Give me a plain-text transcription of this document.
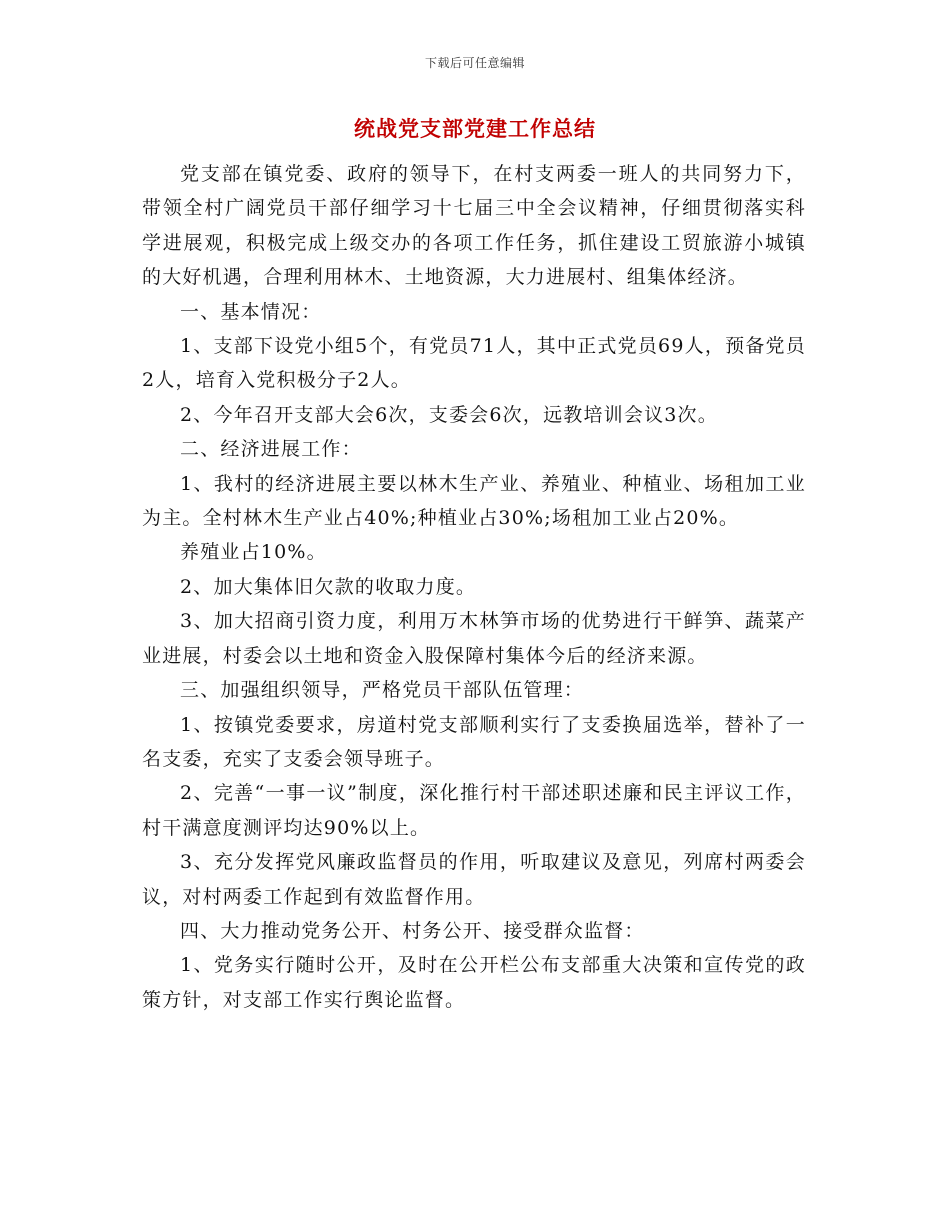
下载后可任意编辑
统战党支部党建工作总结

党支部在镇党委、政府的领导下，在村支两委一班人的共同努力下，带领全村广阔党员干部仔细学习十七届三中全会议精神，仔细贯彻落实科学进展观，积极完成上级交办的各项工作任务，抓住建设工贸旅游小城镇的大好机遇，合理利用林木、土地资源，大力进展村、组集体经济。

一、基本情况：

1、支部下设党小组5个，有党员71人，其中正式党员69人，预备党员2人，培育入党积极分子2人。

2、今年召开支部大会6次，支委会6次，远教培训会议3次。

二、经济进展工作：

1、我村的经济进展主要以林木生产业、养殖业、种植业、场租加工业为主。全村林木生产业占40%;种植业占30%;场租加工业占20%。

养殖业占10%。

2、加大集体旧欠款的收取力度。

3、加大招商引资力度，利用万木林笋市场的优势进行干鲜笋、蔬菜产业进展，村委会以土地和资金入股保障村集体今后的经济来源。

三、加强组织领导，严格党员干部队伍管理：

1、按镇党委要求，房道村党支部顺利实行了支委换届选举，替补了一名支委，充实了支委会领导班子。

2、完善“一事一议”制度，深化推行村干部述职述廉和民主评议工作，村干满意度测评均达90%以上。

3、充分发挥党风廉政监督员的作用，听取建议及意见，列席村两委会议，对村两委工作起到有效监督作用。

四、大力推动党务公开、村务公开、接受群众监督：

1、党务实行随时公开，及时在公开栏公布支部重大决策和宣传党的政策方针，对支部工作实行舆论监督。
